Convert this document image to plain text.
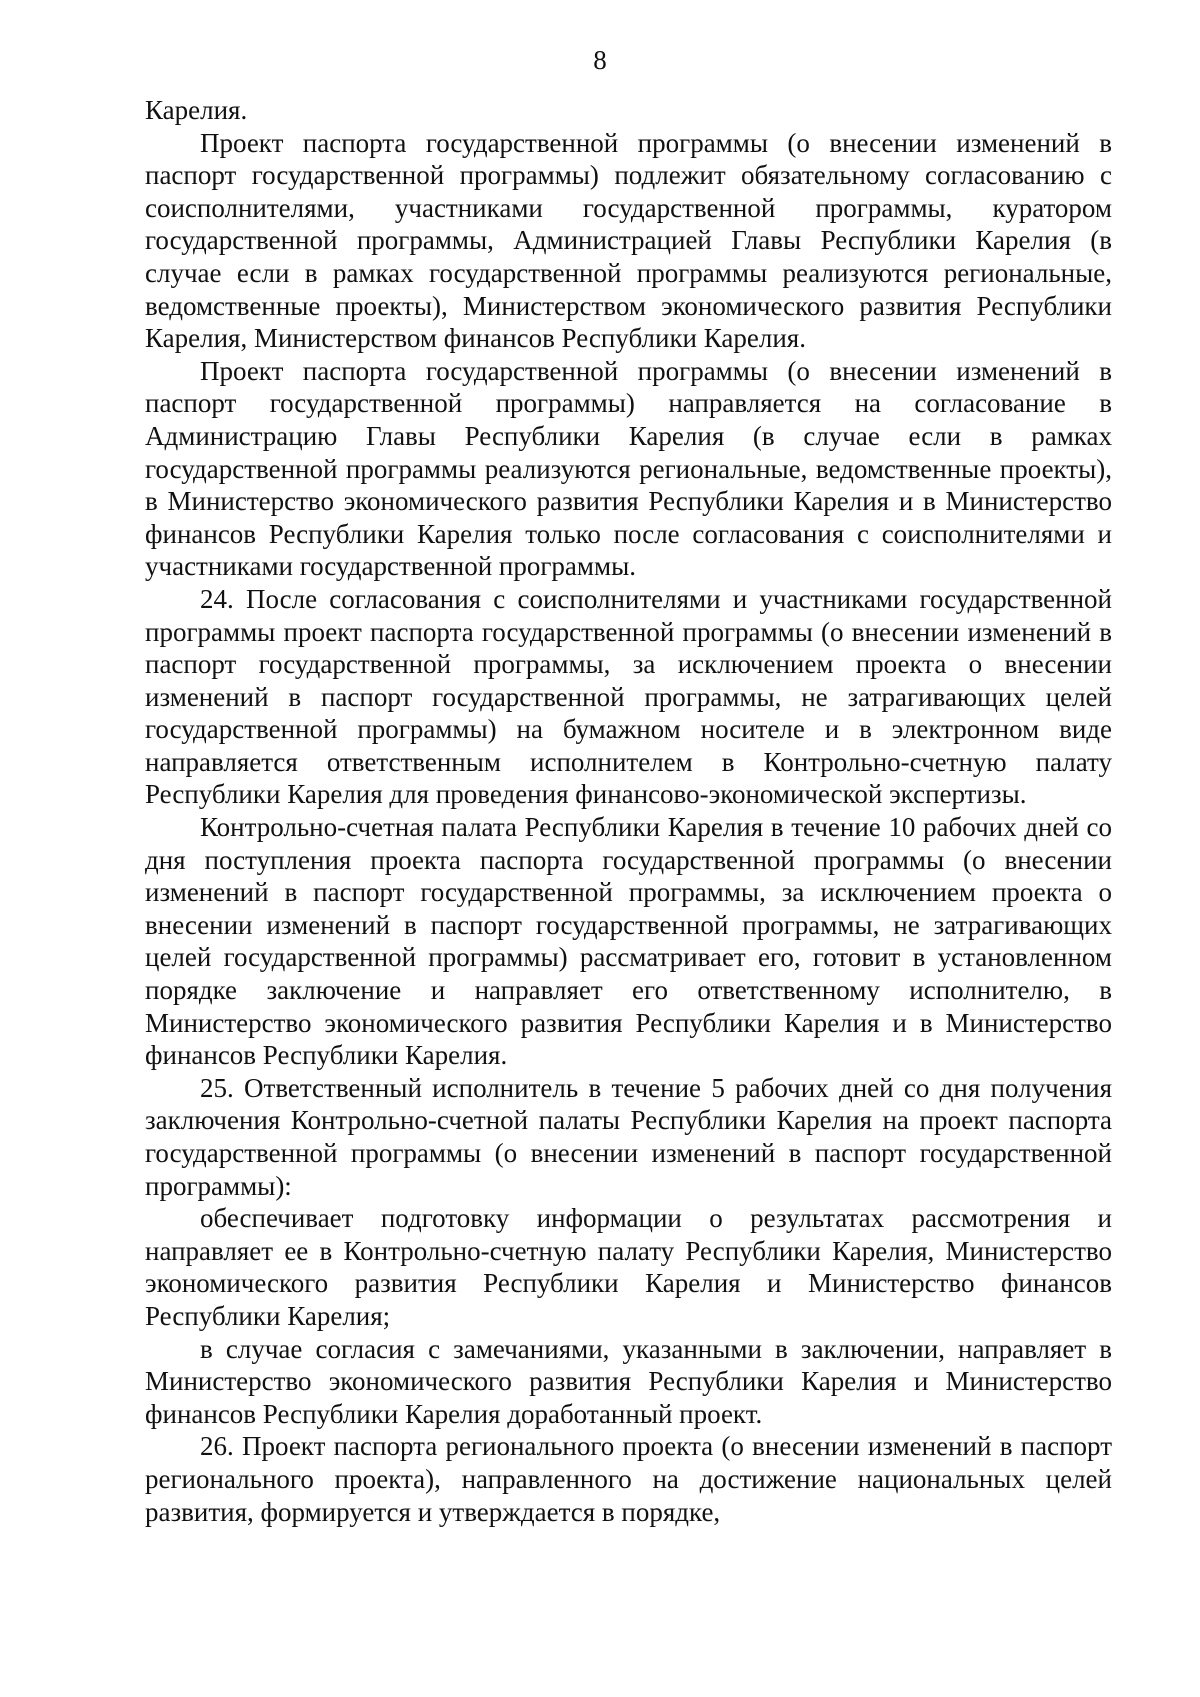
8

Карелия.

Проект паспорта государственной программы (о внесении изменений в паспорт государственной программы) подлежит обязательному согласованию с соисполнителями, участниками государственной программы, куратором государственной программы, Администрацией Главы Республики Карелия (в случае если в рамках государственной программы реализуются региональные, ведомственные проекты), Министерством экономического развития Республики Карелия, Министерством финансов Республики Карелия.

Проект паспорта государственной программы (о внесении изменений в паспорт государственной программы) направляется на согласование в Администрацию Главы Республики Карелия (в случае если в рамках государственной программы реализуются региональные, ведомственные проекты), в Министерство экономического развития Республики Карелия и в Министерство финансов Республики Карелия только после согласования с соисполнителями и участниками государственной программы.

24. После согласования с соисполнителями и участниками государственной программы проект паспорта государственной программы (о внесении изменений в паспорт государственной программы, за исключением проекта о внесении изменений в паспорт государственной программы, не затрагивающих целей государственной программы) на бумажном носителе и в электронном виде направляется ответственным исполнителем в Контрольно-счетную палату Республики Карелия для проведения финансово-экономической экспертизы.

Контрольно-счетная палата Республики Карелия в течение 10 рабочих дней со дня поступления проекта паспорта государственной программы (о внесении изменений в паспорт государственной программы, за исключением проекта о внесении изменений в паспорт государственной программы, не затрагивающих целей государственной программы) рассматривает его, готовит в установленном порядке заключение и направляет его ответственному исполнителю, в Министерство экономического развития Республики Карелия и в Министерство финансов Республики Карелия.

25. Ответственный исполнитель в течение 5 рабочих дней со дня получения заключения Контрольно-счетной палаты Республики Карелия на проект паспорта государственной программы (о внесении изменений в паспорт государственной программы):

обеспечивает подготовку информации о результатах рассмотрения и направляет ее в Контрольно-счетную палату Республики Карелия, Министерство экономического развития Республики Карелия и Министерство финансов Республики Карелия;

в случае согласия с замечаниями, указанными в заключении, направляет в Министерство экономического развития Республики Карелия и Министерство финансов Республики Карелия доработанный проект.

26. Проект паспорта регионального проекта (о внесении изменений в паспорт регионального проекта), направленного на достижение национальных целей развития, формируется и утверждается в порядке,
